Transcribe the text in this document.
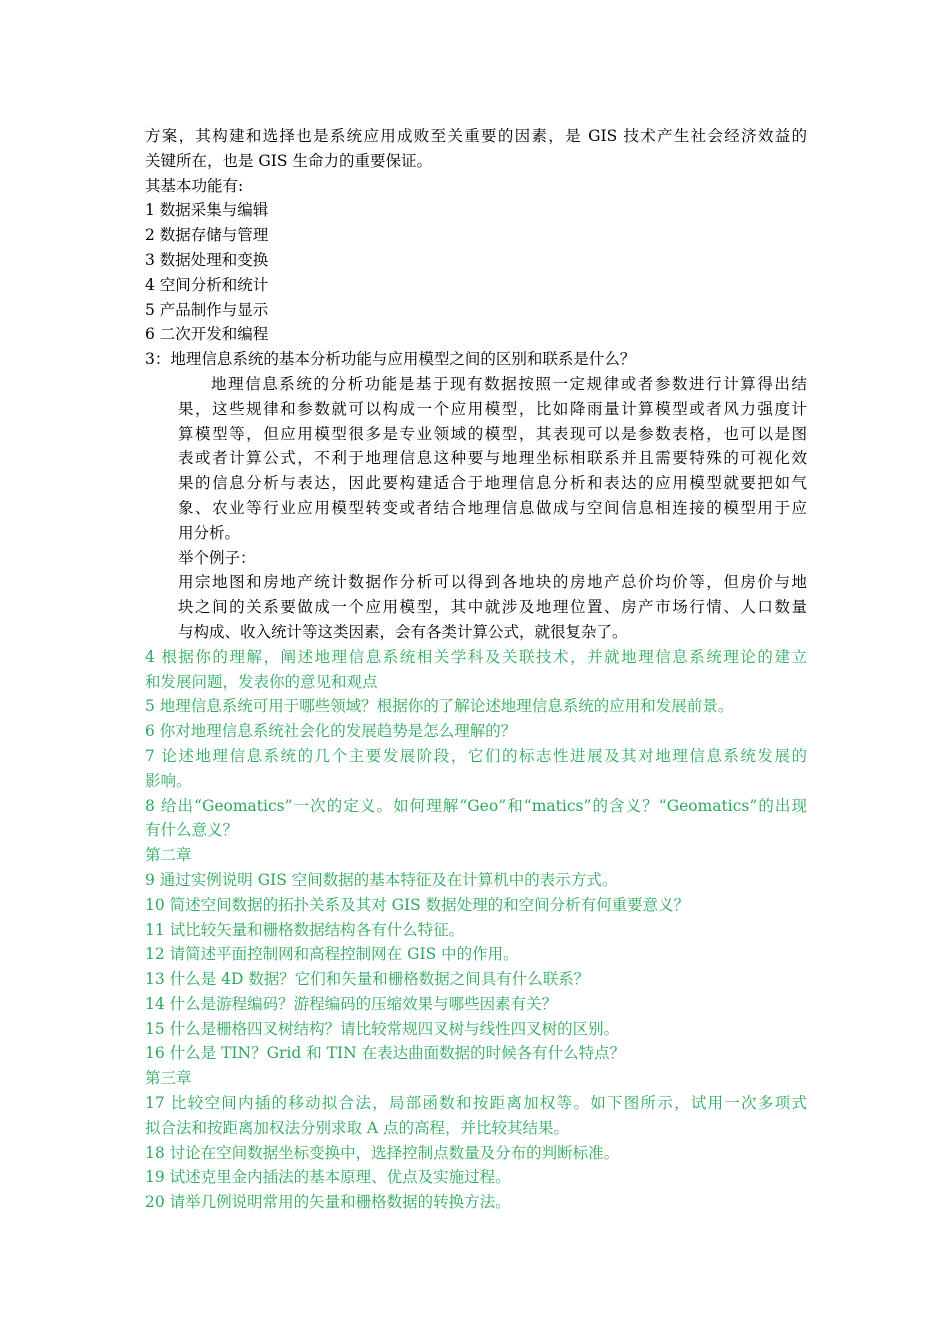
方案，其构建和选择也是系统应用成败至关重要的因素，是 GIS 技术产生社会经济效益的
关键所在，也是 GIS 生命力的重要保证。
其基本功能有:
1 数据采集与编辑
2 数据存储与管理
3 数据处理和变换
4 空间分析和统计
5 产品制作与显示
6 二次开发和编程
3：地理信息系统的基本分析功能与应用模型之间的区别和联系是什么？
地理信息系统的分析功能是基于现有数据按照一定规律或者参数进行计算得出结
果，这些规律和参数就可以构成一个应用模型，比如降雨量计算模型或者风力强度计
算模型等，但应用模型很多是专业领域的模型，其表现可以是参数表格，也可以是图
表或者计算公式，不利于地理信息这种要与地理坐标相联系并且需要特殊的可视化效
果的信息分析与表达，因此要构建适合于地理信息分析和表达的应用模型就要把如气
象、农业等行业应用模型转变或者结合地理信息做成与空间信息相连接的模型用于应
用分析。
举个例子：
用宗地图和房地产统计数据作分析可以得到各地块的房地产总价均价等，但房价与地
块之间的关系要做成一个应用模型，其中就涉及地理位置、房产市场行情、人口数量
与构成、收入统计等这类因素，会有各类计算公式，就很复杂了。
4 根据你的理解，阐述地理信息系统相关学科及关联技术，并就地理信息系统理论的建立
和发展问题，发表你的意见和观点
5 地理信息系统可用于哪些领域？根据你的了解论述地理信息系统的应用和发展前景。
6 你对地理信息系统社会化的发展趋势是怎么理解的？
7 论述地理信息系统的几个主要发展阶段，它们的标志性进展及其对地理信息系统发展的
影响。
8 给出“Geomatics”一次的定义。如何理解“Geo”和“matics”的含义？“Geomatics”的出现
有什么意义？
第二章
9 通过实例说明 GIS 空间数据的基本特征及在计算机中的表示方式。
10 简述空间数据的拓扑关系及其对 GIS 数据处理的和空间分析有何重要意义？
11 试比较矢量和栅格数据结构各有什么特征。
12 请简述平面控制网和高程控制网在 GIS 中的作用。
13 什么是 4D 数据？它们和矢量和栅格数据之间具有什么联系？
14 什么是游程编码？游程编码的压缩效果与哪些因素有关？
15 什么是栅格四叉树结构？请比较常规四叉树与线性四叉树的区别。
16 什么是 TIN？Grid 和 TIN 在表达曲面数据的时候各有什么特点？
第三章
17 比较空间内插的移动拟合法，局部函数和按距离加权等。如下图所示，试用一次多项式
拟合法和按距离加权法分别求取 A 点的高程，并比较其结果。
18 讨论在空间数据坐标变换中，选择控制点数量及分布的判断标准。
19 试述克里金内插法的基本原理、优点及实施过程。
20 请举几例说明常用的矢量和栅格数据的转换方法。
